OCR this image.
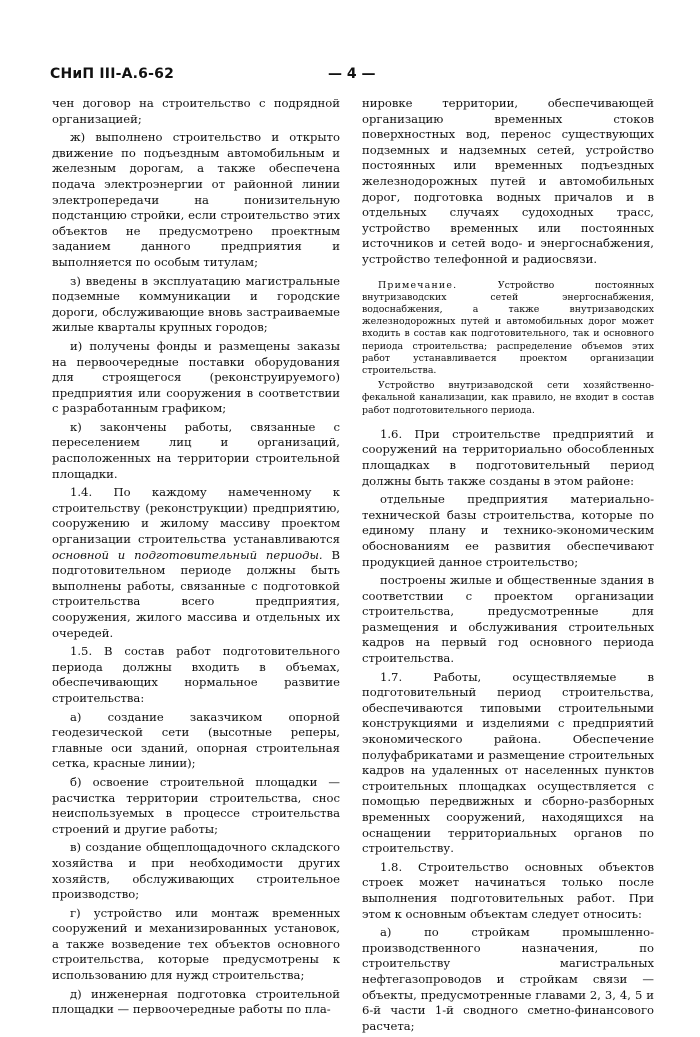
СНиП III-А.6-62	— 4 —

чен договор на строительство с подрядной организацией;

ж) выполнено строительство и открыто движение по подъездным автомобильным и железным дорогам, а также обеспечена подача электроэнергии от районной линии электропередачи на понизительную подстанцию стройки, если строительство этих объектов не предусмотрено проектным заданием данного предприятия и выполняется по особым титулам;

з) введены в эксплуатацию магистральные подземные коммуникации и городские дороги, обслуживающие вновь застраиваемые жилые кварталы крупных городов;

и) получены фонды и размещены заказы на первоочередные поставки оборудования для строящегося (реконструируемого) предприятия или сооружения в соответствии с разработанным графиком;

к) закончены работы, связанные с переселением лиц и организаций, расположенных на территории строительной площадки.

1.4. По каждому намеченному к строительству (реконструкции) предприятию, сооружению и жилому массиву проектом организации строительства устанавливаются основной и подготовительный периоды. В подготовительном периоде должны быть выполнены работы, связанные с подготовкой строительства всего предприятия, сооружения, жилого массива и отдельных их очередей.

1.5. В состав работ подготовительного периода должны входить в объемах, обеспечивающих нормальное развитие строительства:

а) создание заказчиком опорной геодезической сети (высотные реперы, главные оси зданий, опорная строительная сетка, красные линии);

б) освоение строительной площадки — расчистка территории строительства, снос неиспользуемых в процессе строительства строений и другие работы;

в) создание общеплощадочного складского хозяйства и при необходимости других хозяйств, обслуживающих строительное производство;

г) устройство или монтаж временных сооружений и механизированных установок, а также возведение тех объектов основного строительства, которые предусмотрены к использованию для нужд строительства;

д) инженерная подготовка строительной площадки — первоочередные работы по пла-

нировке территории, обеспечивающей организацию временных стоков поверхностных вод, перенос существующих подземных и надземных сетей, устройство постоянных или временных подъездных железнодорожных путей и автомобильных дорог, подготовка водных причалов и в отдельных случаях судоходных трасс, устройство временных или постоянных источников и сетей водо- и энергоснабжения, устройство телефонной и радиосвязи.

Примечание. Устройство постоянных внутризаводских сетей энергоснабжения, водоснабжения, а также внутризаводских железнодорожных путей и автомобильных дорог может входить в состав как подготовительного, так и основного периода строительства; распределение объемов этих работ устанавливается проектом организации строительства.

Устройство внутризаводской сети хозяйственно-фекальной канализации, как правило, не входит в состав работ подготовительного периода.

1.6. При строительстве предприятий и сооружений на территориально обособленных площадках в подготовительный период должны быть также созданы в этом районе:

отдельные предприятия материально-технической базы строительства, которые по единому плану и технико-экономическим обоснованиям ее развития обеспечивают продукцией данное строительство;

построены жилые и общественные здания в соответствии с проектом организации строительства, предусмотренные для размещения и обслуживания строительных кадров на первый год основного периода строительства.

1.7. Работы, осуществляемые в подготовительный период строительства, обеспечиваются типовыми строительными конструкциями и изделиями с предприятий экономического района. Обеспечение полуфабрикатами и размещение строительных кадров на удаленных от населенных пунктов строительных площадках осуществляется с помощью передвижных и сборно-разборных временных сооружений, находящихся на оснащении территориальных органов по строительству.

1.8. Строительство основных объектов строек может начинаться только после выполнения подготовительных работ. При этом к основным объектам следует относить:

а) по стройкам промышленно-производственного назначения, по строительству магистральных нефтегазопроводов и стройкам связи — объекты, предусмотренные главами 2, 3, 4, 5 и 6-й части 1-й сводного сметно-финансового расчета;
